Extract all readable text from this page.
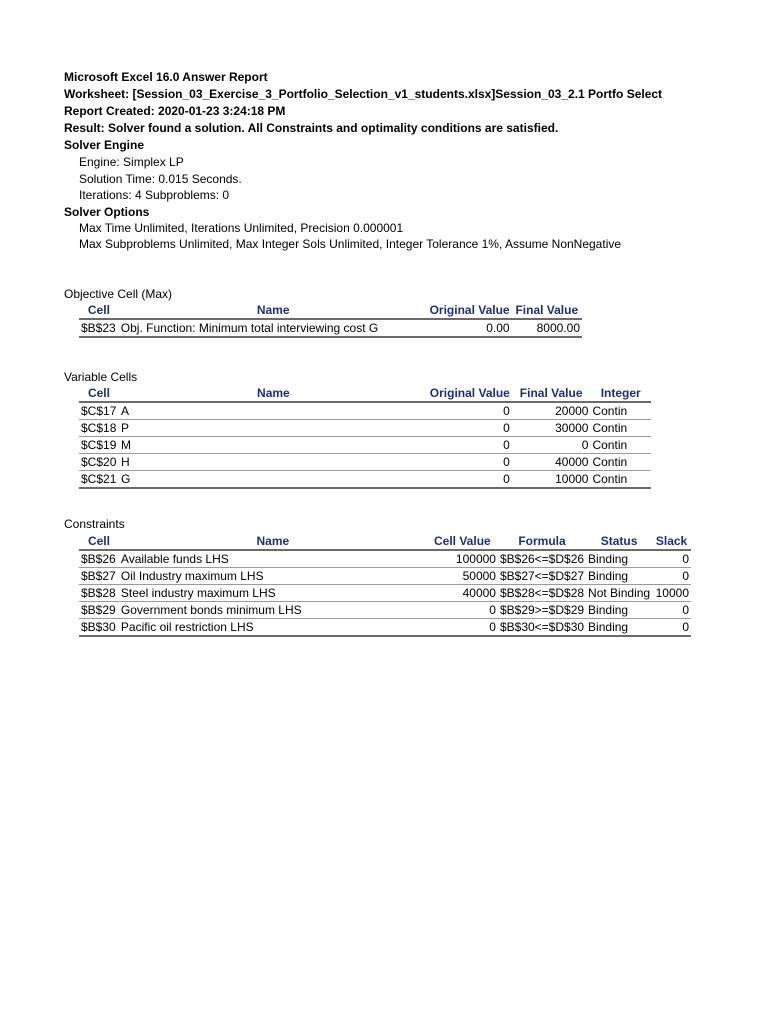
Microsoft Excel 16.0 Answer Report
Worksheet: [Session_03_Exercise_3_Portfolio_Selection_v1_students.xlsx]Session_03_2.1 Portfo Select
Report Created: 2020-01-23 3:24:18 PM
Result: Solver found a solution. All Constraints and optimality conditions are satisfied.
Solver Engine
Engine: Simplex LP
Solution Time: 0.015 Seconds.
Iterations: 4 Subproblems: 0
Solver Options
Max Time Unlimited, Iterations Unlimited, Precision 0.000001
Max Subproblems Unlimited, Max Integer Sols Unlimited, Integer Tolerance 1%, Assume NonNegative
Objective Cell (Max)
Cell	Name	Original Value	Final Value
$B$23	Obj. Function: Minimum total interviewing cost G	0.00	8000.00
Variable Cells
Cell	Name	Original Value	Final Value	Integer
$C$17	A	0	20000	Contin
$C$18	P	0	30000	Contin
$C$19	M	0	0	Contin
$C$20	H	0	40000	Contin
$C$21	G	0	10000	Contin
Constraints
Cell	Name	Cell Value	Formula	Status	Slack
$B$26	Available funds LHS	100000	$B$26<=$D$26	Binding	0
$B$27	Oil Industry maximum LHS	50000	$B$27<=$D$27	Binding	0
$B$28	Steel industry maximum LHS	40000	$B$28<=$D$28	Not Binding	10000
$B$29	Government bonds minimum LHS	0	$B$29>=$D$29	Binding	0
$B$30	Pacific oil restriction LHS	0	$B$30<=$D$30	Binding	0
